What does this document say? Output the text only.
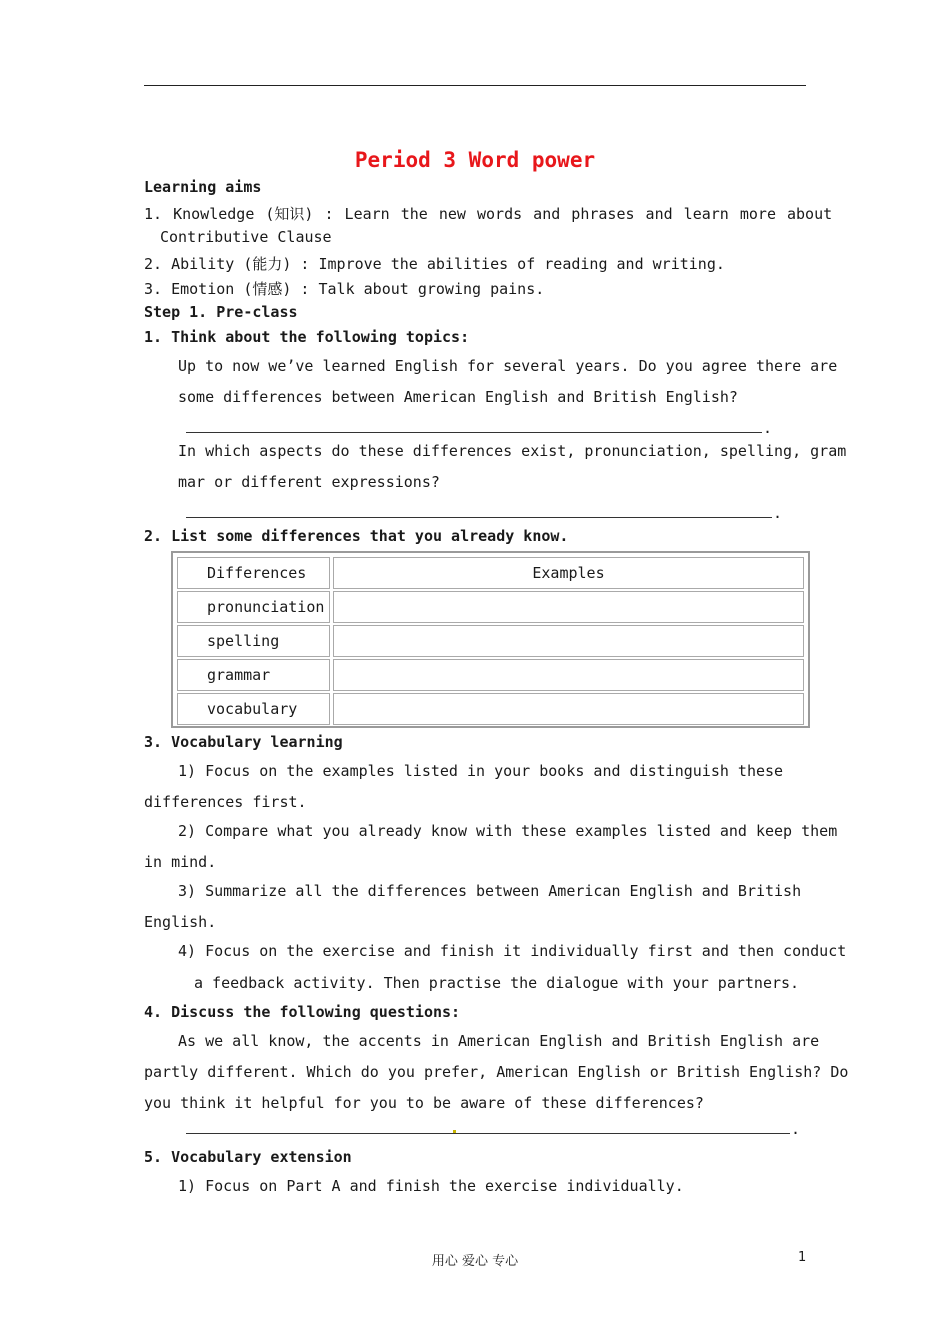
Period 3 Word power
Learning aims
1. Knowledge (知识) : Learn the new words and phrases and learn more about
Contributive Clause
2. Ability (能力) : Improve the abilities of reading and writing.
3. Emotion (情感) : Talk about growing pains.
Step 1. Pre-class
1. Think about the following topics:
Up to now we’ve learned English for several years. Do you agree there are
some differences between American English and British English?
.
In which aspects do these differences exist, pronunciation, spelling, gram
mar or different expressions?
.
2. List some differences that you already know.
Differences	Examples
pronunciation
spelling
grammar
vocabulary
3. Vocabulary learning
1) Focus on the examples listed in your books and distinguish these
differences first.
2) Compare what you already know with these examples listed and keep them
in mind.
3) Summarize all the differences between American English and British
English.
4) Focus on the exercise and finish it individually first and then conduct
a feedback activity. Then practise the dialogue with your partners.
4. Discuss the following questions:
As we all know, the accents in American English and British English are
partly different. Which do you prefer, American English or British English? Do
you think it helpful for you to be aware of these differences?
.
5. Vocabulary extension
1) Focus on Part A and finish the exercise individually.
用心 爱心 专心	1
